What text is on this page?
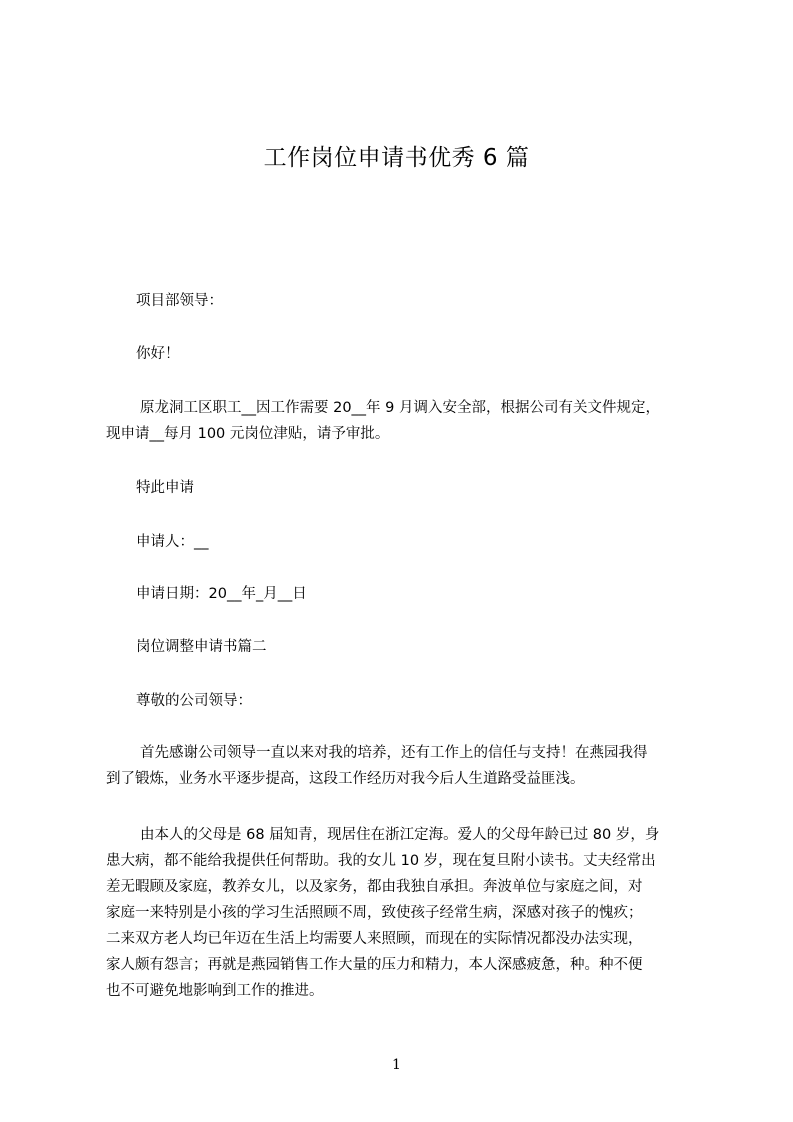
工作岗位申请书优秀 6 篇
项目部领导：
你好！
原龙洞工区职工__因工作需要 20__年 9 月调入安全部，根据公司有关文件规定，
现申请__每月 100 元岗位津贴，请予审批。
特此申请
申请人：__
申请日期：20__年_月__日
岗位调整申请书篇二
尊敬的公司领导：
首先感谢公司领导一直以来对我的培养，还有工作上的信任与支持！在燕园我得
到了锻炼，业务水平逐步提高，这段工作经历对我今后人生道路受益匪浅。
由本人的父母是 68 届知青，现居住在浙江定海。爱人的父母年龄已过 80 岁，身
患大病，都不能给我提供任何帮助。我的女儿 10 岁，现在复旦附小读书。丈夫经常出
差无暇顾及家庭，教养女儿，以及家务，都由我独自承担。奔波单位与家庭之间，对
家庭一来特别是小孩的学习生活照顾不周，致使孩子经常生病，深感对孩子的愧疚；
二来双方老人均已年迈在生活上均需要人来照顾，而现在的实际情况都没办法实现，
家人颇有怨言；再就是燕园销售工作大量的压力和精力，本人深感疲惫，种。种不便
也不可避免地影响到工作的推进。
1
